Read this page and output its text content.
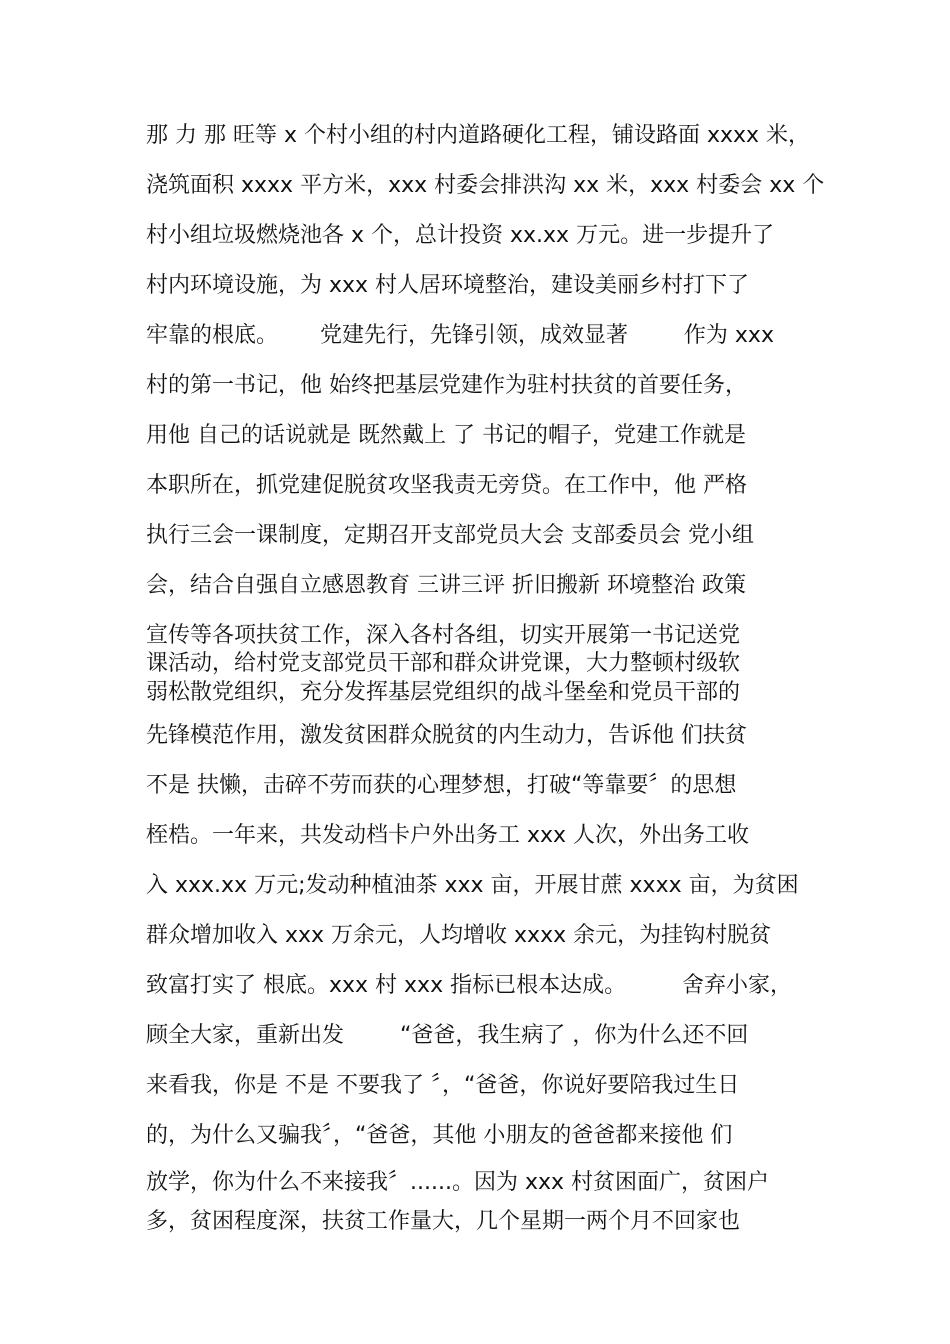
那 力 那 旺等 x 个村小组的村内道路硬化工程，铺设路面 xxxx 米，
浇筑面积 xxxx 平方米，xxx 村委会排洪沟 xx 米，xxx 村委会 xx 个
村小组垃圾燃烧池各 x 个，总计投资 xx.xx 万元。进一步提升了
村内环境设施，为 xxx 村人居环境整治，建设美丽乡村打下了
牢靠的根底。      党建先行，先锋引领，成效显著        作为 xxx
村的第一书记，他 始终把基层党建作为驻村扶贫的首要任务，
用他 自己的话说就是 既然戴上 了 书记的帽子，党建工作就是
本职所在，抓党建促脱贫攻坚我责无旁贷。在工作中，他 严格
执行三会一课制度，定期召开支部党员大会 支部委员会 党小组
会，结合自强自立感恩教育 三讲三评 折旧搬新 环境整治 政策
宣传等各项扶贫工作，深入各村各组，切实开展第一书记送党
课活动，给村党支部党员干部和群众讲党课，大力整顿村级软
弱松散党组织，充分发挥基层党组织的战斗堡垒和党员干部的
先锋模范作用，激发贫困群众脱贫的内生动力，告诉他 们扶贫
不是 扶懒，击碎不劳而获的心理梦想，打破“等靠要〞的思想
桎梏。一年来，共发动档卡户外出务工 xxx 人次，外出务工收
入 xxx.xx 万元;发动种植油茶 xxx 亩，开展甘蔗 xxxx 亩，为贫困
群众增加收入 xxx 万余元，人均增收 xxxx 余元，为挂钩村脱贫
致富打实了 根底。xxx 村 xxx 指标已根本达成。        舍弃小家，
顾全大家，重新出发        “爸爸，我生病了 ，你为什么还不回
来看我，你是 不是 不要我了 〞，“爸爸，你说好要陪我过生日
的，为什么又骗我〞，“爸爸，其他 小朋友的爸爸都来接他 们
放学，你为什么不来接我〞......。因为 xxx 村贫困面广，贫困户
多，贫困程度深，扶贫工作量大，几个星期一两个月不回家也
